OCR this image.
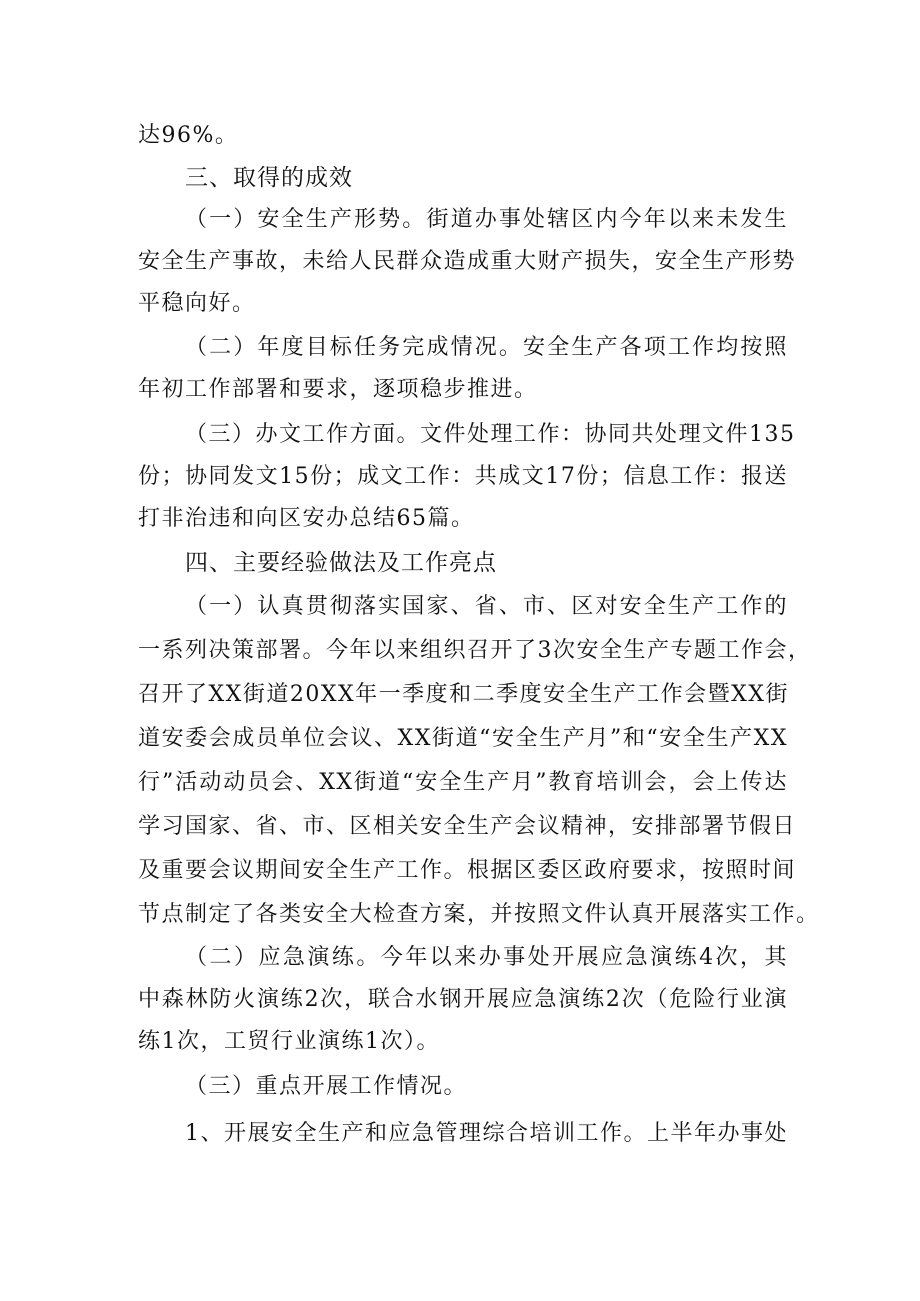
达96%。
三、取得的成效
（一）安全生产形势。街道办事处辖区内今年以来未发生
安全生产事故，未给人民群众造成重大财产损失，安全生产形势
平稳向好。
（二）年度目标任务完成情况。安全生产各项工作均按照
年初工作部署和要求，逐项稳步推进。
（三）办文工作方面。文件处理工作：协同共处理文件135
份；协同发文15份；成文工作：共成文17份；信息工作：报送
打非治违和向区安办总结65篇。
四、主要经验做法及工作亮点
（一）认真贯彻落实国家、省、市、区对安全生产工作的
一系列决策部署。今年以来组织召开了3次安全生产专题工作会，
召开了XX街道20XX年一季度和二季度安全生产工作会暨XX街
道安委会成员单位会议、XX街道“安全生产月”和“安全生产XX
行”活动动员会、XX街道“安全生产月”教育培训会，会上传达
学习国家、省、市、区相关安全生产会议精神，安排部署节假日
及重要会议期间安全生产工作。根据区委区政府要求，按照时间
节点制定了各类安全大检查方案，并按照文件认真开展落实工作。
（二）应急演练。今年以来办事处开展应急演练4次，其
中森林防火演练2次，联合水钢开展应急演练2次（危险行业演
练1次，工贸行业演练1次）。
（三）重点开展工作情况。
1、开展安全生产和应急管理综合培训工作。上半年办事处
